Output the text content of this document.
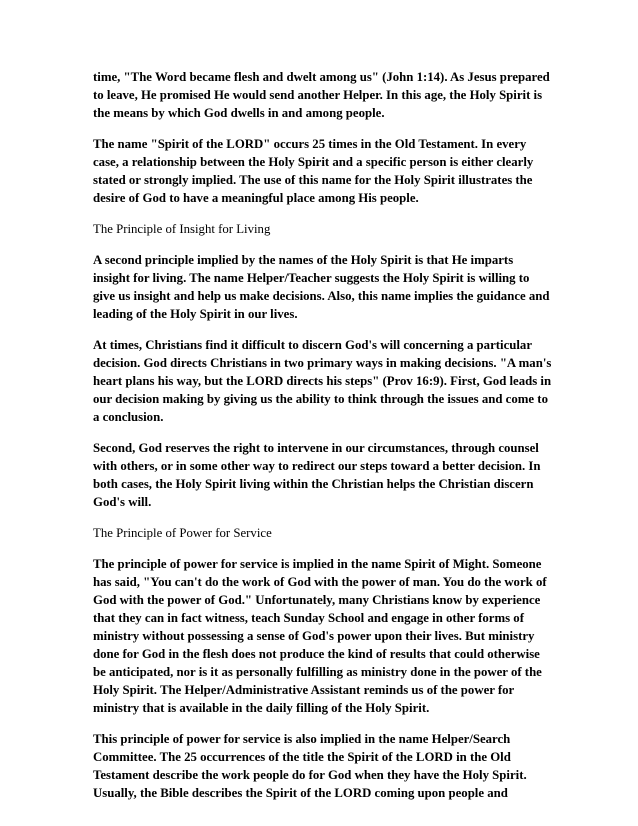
time, "The Word became flesh and dwelt among us" (John 1:14). As Jesus prepared
to leave, He promised He would send another Helper. In this age, the Holy Spirit is
the means by which God dwells in and among people.

The name "Spirit of the LORD" occurs 25 times in the Old Testament. In every
case, a relationship between the Holy Spirit and a specific person is either clearly
stated or strongly implied. The use of this name for the Holy Spirit illustrates the
desire of God to have a meaningful place among His people.

The Principle of Insight for Living

A second principle implied by the names of the Holy Spirit is that He imparts
insight for living. The name Helper/Teacher suggests the Holy Spirit is willing to
give us insight and help us make decisions. Also, this name implies the guidance and
leading of the Holy Spirit in our lives.

At times, Christians find it difficult to discern God's will concerning a particular
decision. God directs Christians in two primary ways in making decisions. "A man's
heart plans his way, but the LORD directs his steps" (Prov 16:9). First, God leads in
our decision making by giving us the ability to think through the issues and come to
a conclusion.

Second, God reserves the right to intervene in our circumstances, through counsel
with others, or in some other way to redirect our steps toward a better decision. In
both cases, the Holy Spirit living within the Christian helps the Christian discern
God's will.

The Principle of Power for Service

The principle of power for service is implied in the name Spirit of Might. Someone
has said, "You can't do the work of God with the power of man. You do the work of
God with the power of God." Unfortunately, many Christians know by experience
that they can in fact witness, teach Sunday School and engage in other forms of
ministry without possessing a sense of God's power upon their lives. But ministry
done for God in the flesh does not produce the kind of results that could otherwise
be anticipated, nor is it as personally fulfilling as ministry done in the power of the
Holy Spirit. The Helper/Administrative Assistant reminds us of the power for
ministry that is available in the daily filling of the Holy Spirit.

This principle of power for service is also implied in the name Helper/Search
Committee. The 25 occurrences of the title the Spirit of the LORD in the Old
Testament describe the work people do for God when they have the Holy Spirit.
Usually, the Bible describes the Spirit of the LORD coming upon people and
